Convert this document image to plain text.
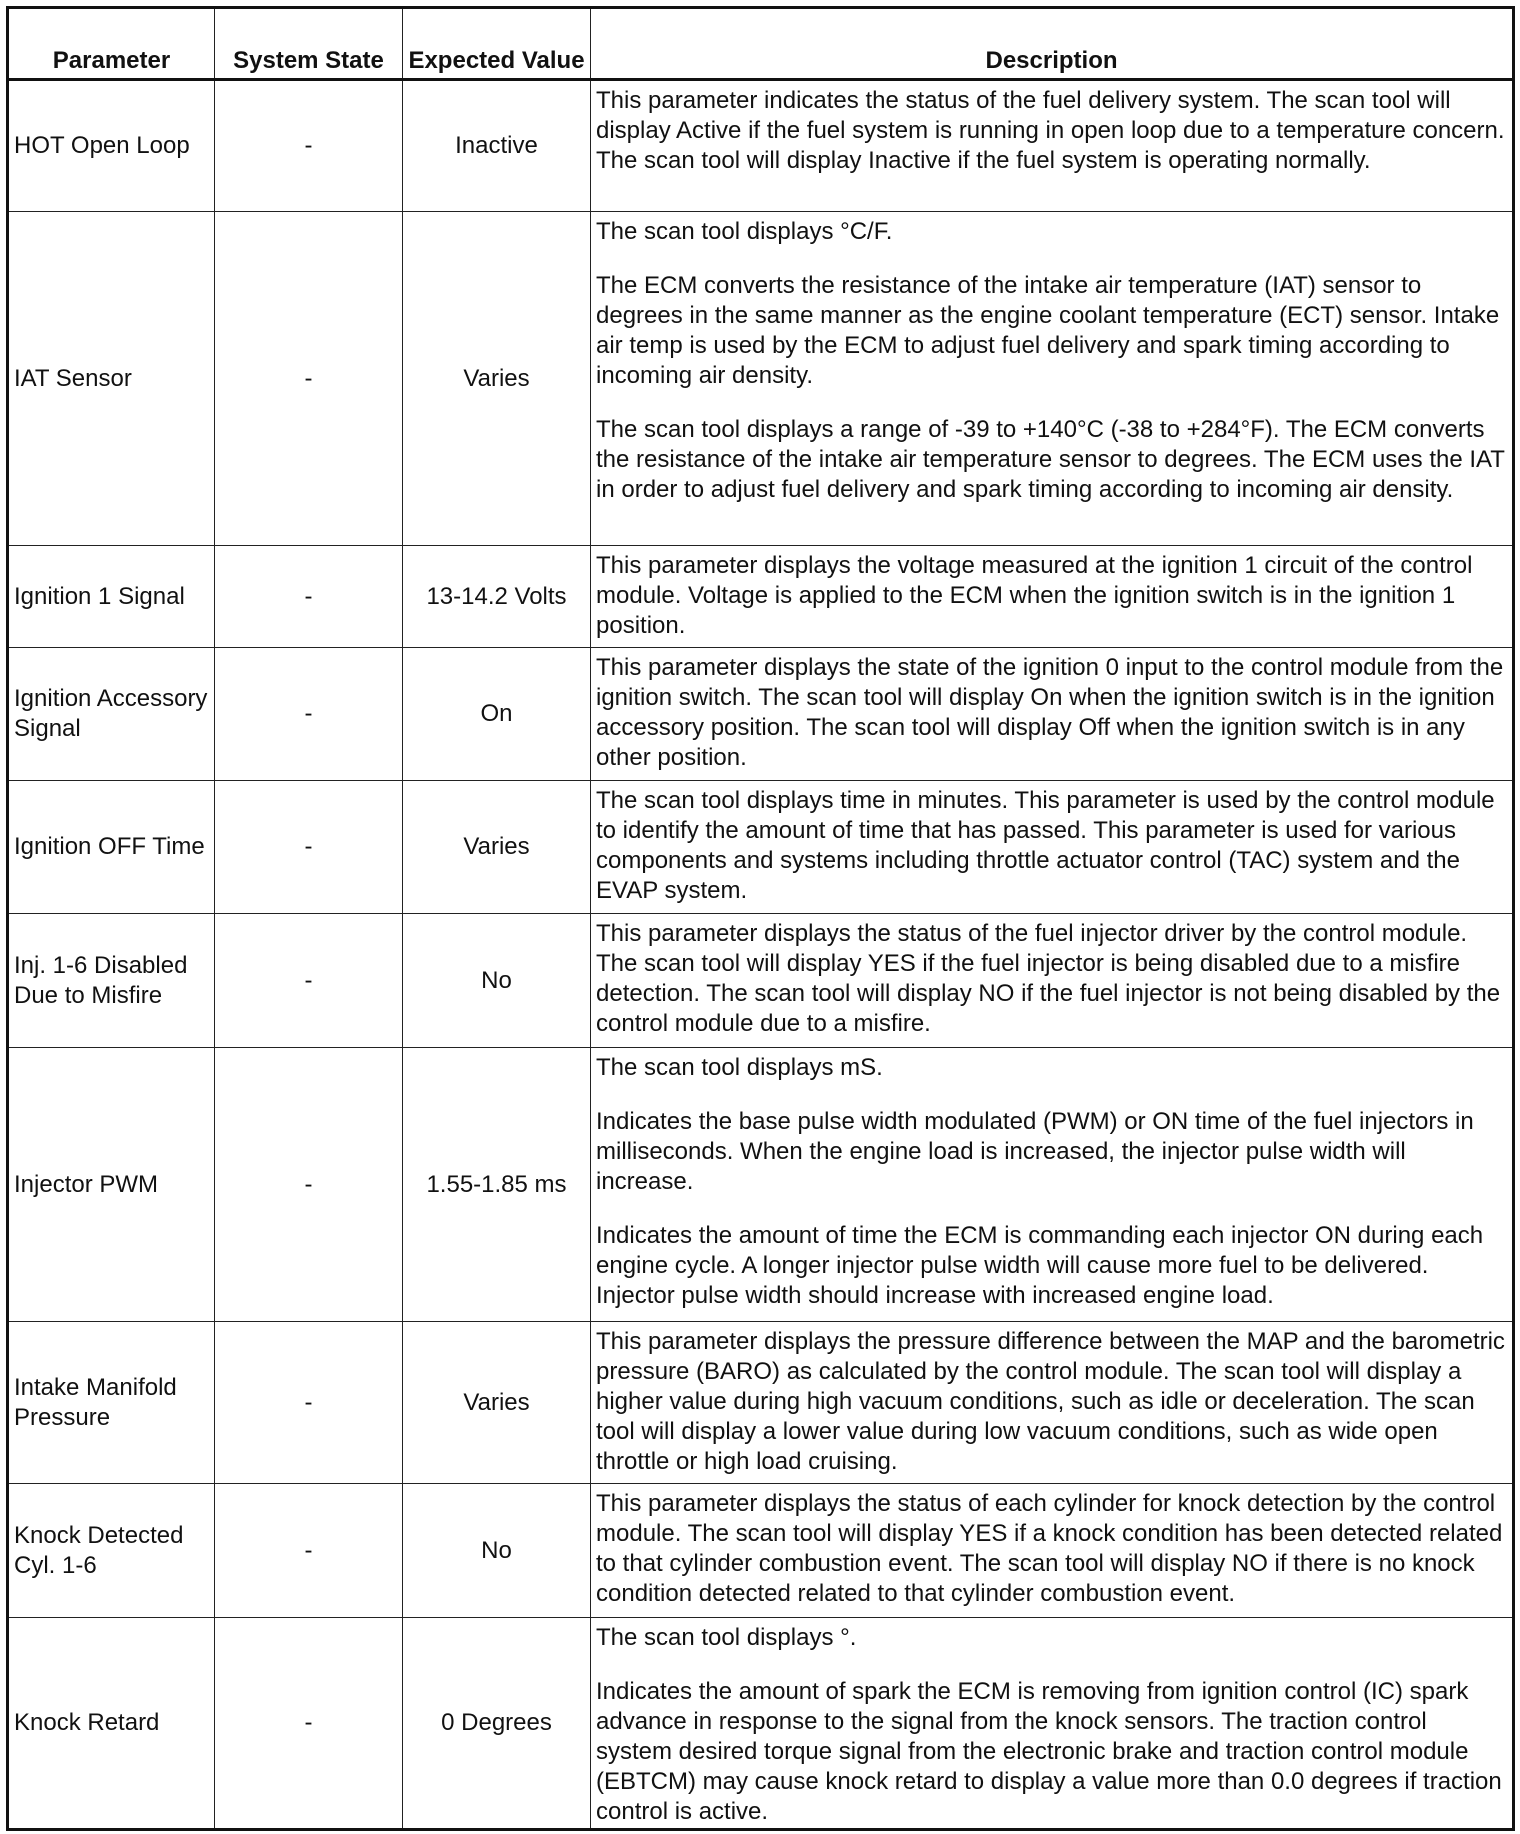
Parameter	System State	Expected Value	Description
HOT Open Loop	-	Inactive	This parameter indicates the status of the fuel delivery system. The scan tool will display Active if the fuel system is running in open loop due to a temperature concern. The scan tool will display Inactive if the fuel system is operating normally.

IAT Sensor	-	Varies	The scan tool displays °C/F.

The ECM converts the resistance of the intake air temperature (IAT) sensor to degrees in the same manner as the engine coolant temperature (ECT) sensor. Intake air temp is used by the ECM to adjust fuel delivery and spark timing according to incoming air density.

The scan tool displays a range of -39 to +140°C (-38 to +284°F). The ECM converts the resistance of the intake air temperature sensor to degrees. The ECM uses the IAT in order to adjust fuel delivery and spark timing according to incoming air density.

Ignition 1 Signal	-	13-14.2 Volts	This parameter displays the voltage measured at the ignition 1 circuit of the control module. Voltage is applied to the ECM when the ignition switch is in the ignition 1 position.

Ignition Accessory Signal	-	On	This parameter displays the state of the ignition 0 input to the control module from the ignition switch. The scan tool will display On when the ignition switch is in the ignition accessory position. The scan tool will display Off when the ignition switch is in any other position.

Ignition OFF Time	-	Varies	The scan tool displays time in minutes. This parameter is used by the control module to identify the amount of time that has passed. This parameter is used for various components and systems including throttle actuator control (TAC) system and the EVAP system.

Inj. 1-6 Disabled Due to Misfire	-	No	This parameter displays the status of the fuel injector driver by the control module. The scan tool will display YES if the fuel injector is being disabled due to a misfire detection. The scan tool will display NO if the fuel injector is not being disabled by the control module due to a misfire.

Injector PWM	-	1.55-1.85 ms	The scan tool displays mS.

Indicates the base pulse width modulated (PWM) or ON time of the fuel injectors in milliseconds. When the engine load is increased, the injector pulse width will increase.

Indicates the amount of time the ECM is commanding each injector ON during each engine cycle. A longer injector pulse width will cause more fuel to be delivered. Injector pulse width should increase with increased engine load.

Intake Manifold Pressure	-	Varies	This parameter displays the pressure difference between the MAP and the barometric pressure (BARO) as calculated by the control module. The scan tool will display a higher value during high vacuum conditions, such as idle or deceleration. The scan tool will display a lower value during low vacuum conditions, such as wide open throttle or high load cruising.

Knock Detected Cyl. 1-6	-	No	This parameter displays the status of each cylinder for knock detection by the control module. The scan tool will display YES if a knock condition has been detected related to that cylinder combustion event. The scan tool will display NO if there is no knock condition detected related to that cylinder combustion event.

Knock Retard	-	0 Degrees	The scan tool displays °.

Indicates the amount of spark the ECM is removing from ignition control (IC) spark advance in response to the signal from the knock sensors. The traction control system desired torque signal from the electronic brake and traction control module (EBTCM) may cause knock retard to display a value more than 0.0 degrees if traction control is active.
